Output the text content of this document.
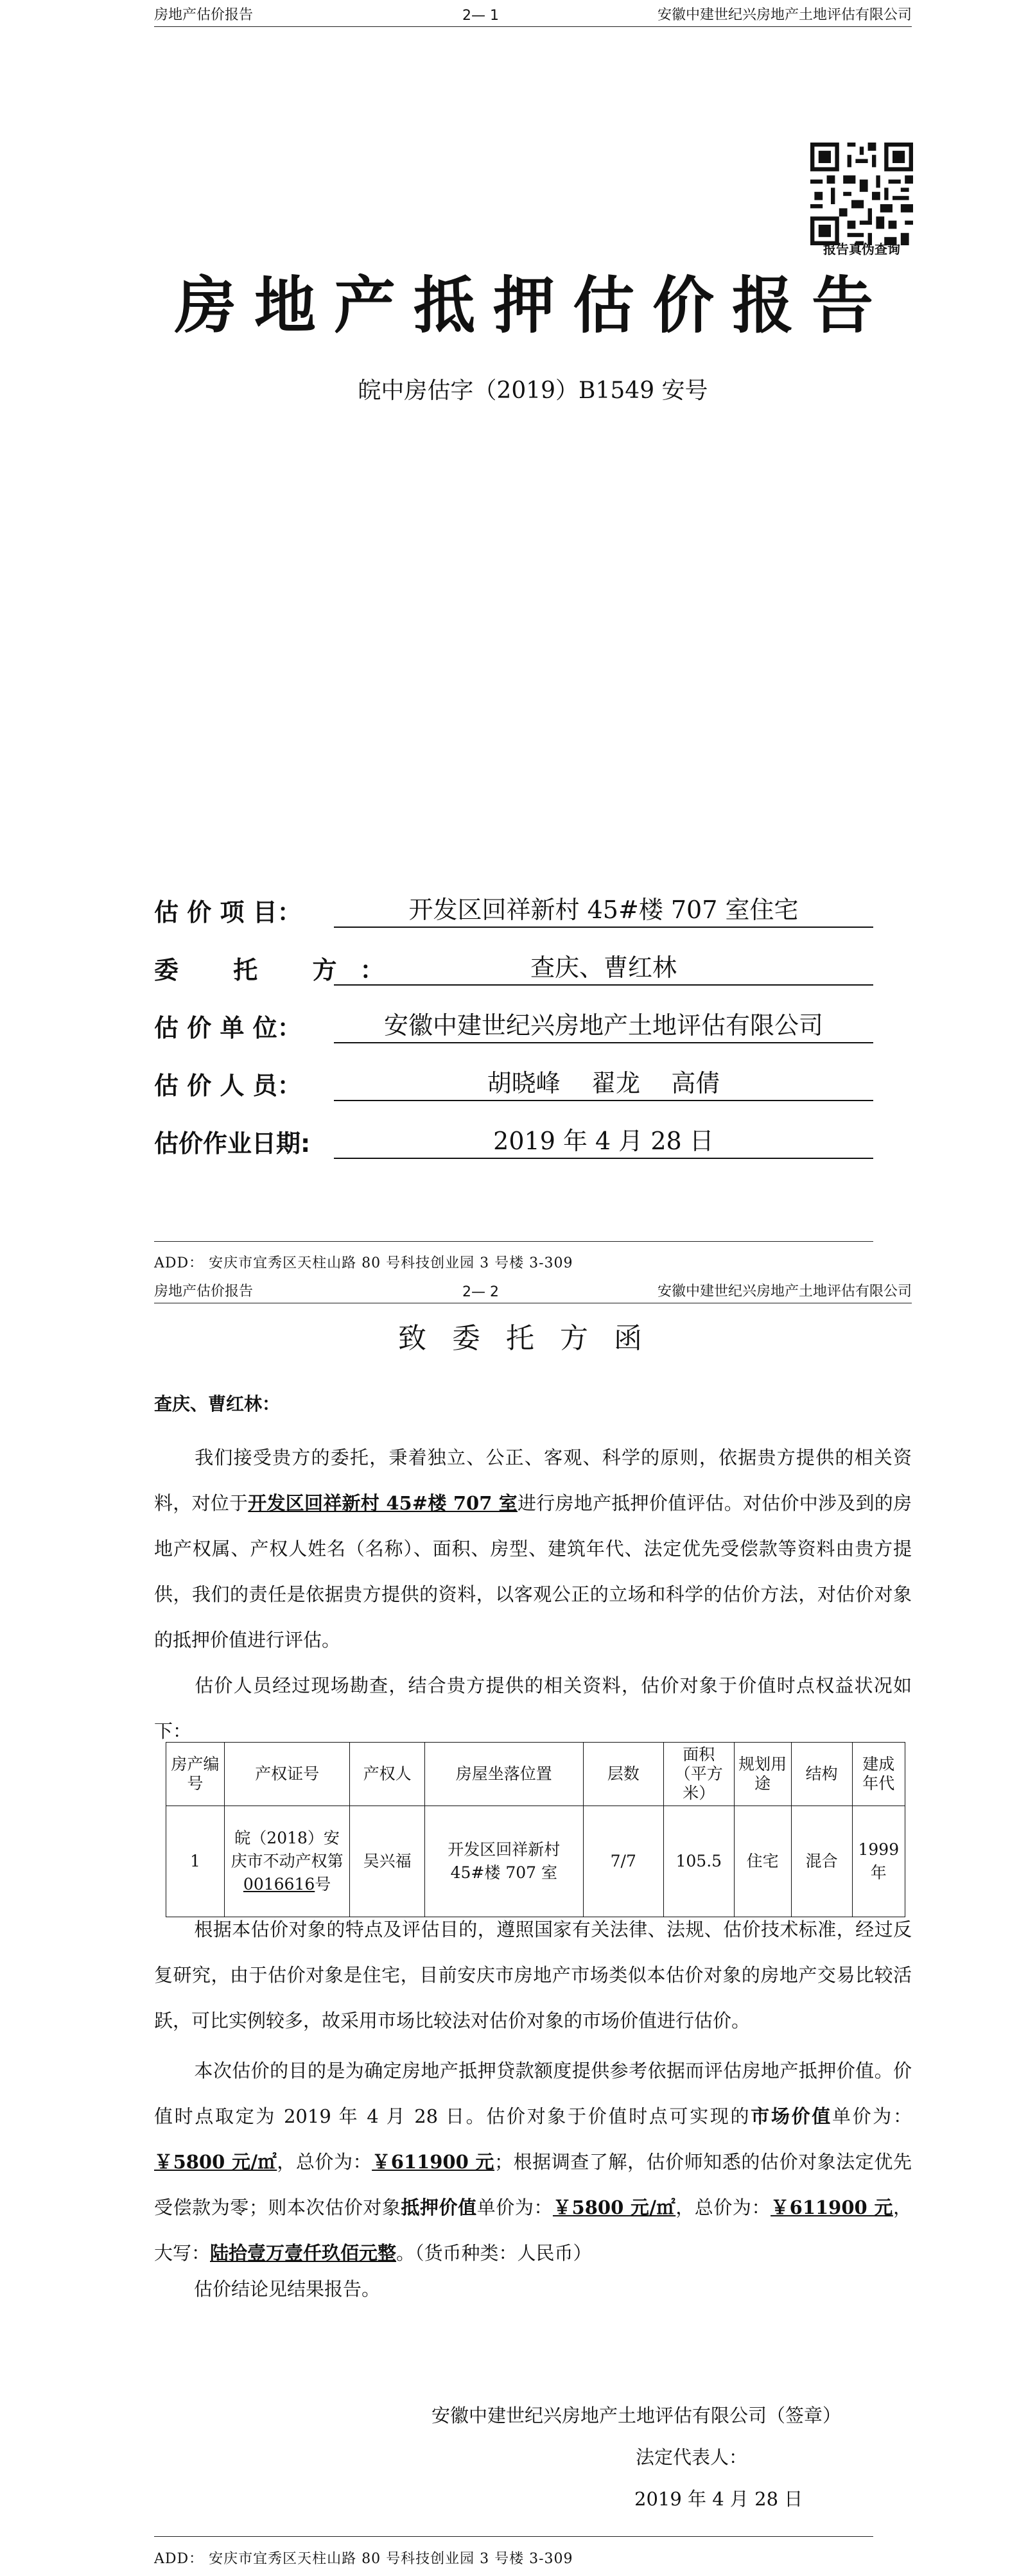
房地产估价报告	2— 1	安徽中建世纪兴房地产土地评估有限公司
报告真伪查询
房地产抵押估价报告
皖中房估字（2019）B1549 安号
估 价 项 目：	开发区回祥新村 45#楼 707 室住宅
委 托 方：	查庆、曹红林
估 价 单 位：	安徽中建世纪兴房地产土地评估有限公司
估 价 人 员：	胡晓峰    翟龙    高倩
估价作业日期:	2019 年 4 月 28 日
ADD： 安庆市宜秀区天柱山路 80 号科技创业园 3 号楼 3-309
房地产估价报告	2— 2	安徽中建世纪兴房地产土地评估有限公司
致委托方函
查庆、曹红林：
我们接受贵方的委托，秉着独立、公正、客观、科学的原则，依据贵方提供的相关资料，对位于开发区回祥新村 45#楼 707 室进行房地产抵押价值评估。对估价中涉及到的房地产权属、产权人姓名（名称）、面积、房型、建筑年代、法定优先受偿款等资料由贵方提供，我们的责任是依据贵方提供的资料，以客观公正的立场和科学的估价方法，对估价对象的抵押价值进行评估。
估价人员经过现场勘查，结合贵方提供的相关资料，估价对象于价值时点权益状况如下：
房产编号	产权证号	产权人	房屋坐落位置	层数	面积（平方米）	规划用途	结构	建成年代
1	皖（2018）安庆市不动产权第0016616号	吴兴福	开发区回祥新村 45#楼 707 室	7/7	105.5	住宅	混合	1999 年
根据本估价对象的特点及评估目的，遵照国家有关法律、法规、估价技术标准，经过反复研究，由于估价对象是住宅，目前安庆市房地产市场类似本估价对象的房地产交易比较活跃，可比实例较多，故采用市场比较法对估价对象的市场价值进行估价。
本次估价的目的是为确定房地产抵押贷款额度提供参考依据而评估房地产抵押价值。价值时点取定为 2019 年 4 月 28 日。估价对象于价值时点可实现的市场价值单价为：￥5800 元/㎡，总价为：￥611900 元；根据调查了解，估价师知悉的估价对象法定优先受偿款为零；则本次估价对象抵押价值单价为：￥5800 元/㎡，总价为：￥611900 元，大写：陆拾壹万壹仟玖佰元整。（货币种类：人民币）
估价结论见结果报告。
安徽中建世纪兴房地产土地评估有限公司（签章）
法定代表人：
2019 年 4 月 28 日
ADD： 安庆市宜秀区天柱山路 80 号科技创业园 3 号楼 3-309
